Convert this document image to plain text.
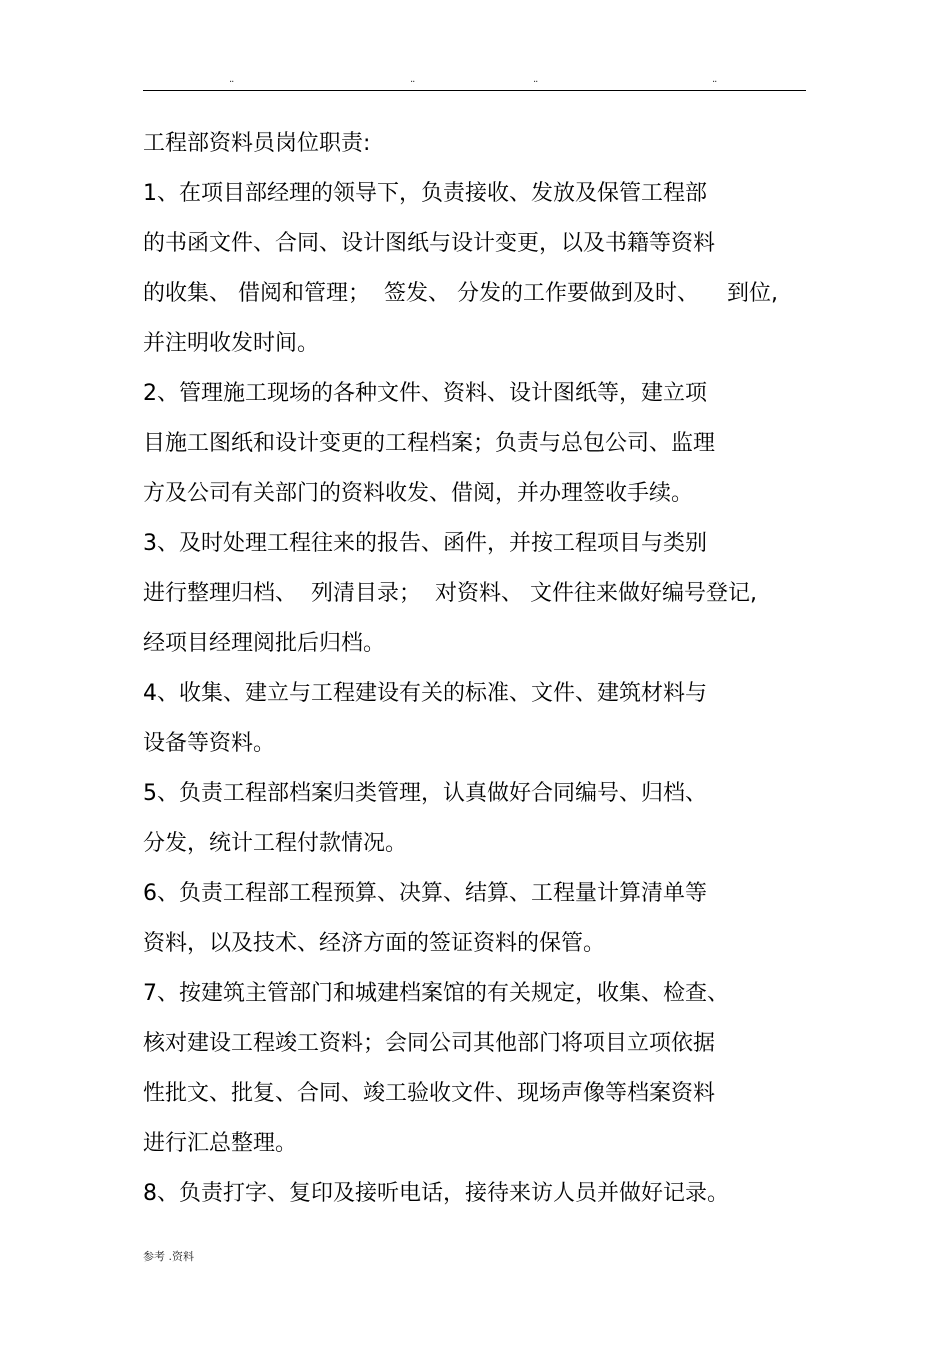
..	..	..	..
工程部资料员岗位职责:
1、在项目部经理的领导下，负责接收、发放及保管工程部
的书函文件、合同、设计图纸与设计变更，以及书籍等资料
的收集、 借阅和管理；  签发、 分发的工作要做到及时、    到位,
并注明收发时间。
2、管理施工现场的各种文件、资料、设计图纸等，建立项
目施工图纸和设计变更的工程档案；负责与总包公司、监理
方及公司有关部门的资料收发、借阅，并办理签收手续。
3、及时处理工程往来的报告、函件，并按工程项目与类别
进行整理归档、  列清目录；  对资料、 文件往来做好编号登记,
经项目经理阅批后归档。
4、收集、建立与工程建设有关的标准、文件、建筑材料与
设备等资料。
5、负责工程部档案归类管理，认真做好合同编号、归档、
分发，统计工程付款情况。
6、负责工程部工程预算、决算、结算、工程量计算清单等
资料，以及技术、经济方面的签证资料的保管。
7、按建筑主管部门和城建档案馆的有关规定，收集、检查、
核对建设工程竣工资料；会同公司其他部门将项目立项依据
性批文、批复、合同、竣工验收文件、现场声像等档案资料
进行汇总整理。
8、负责打字、复印及接听电话，接待来访人员并做好记录。
参考 .资料
